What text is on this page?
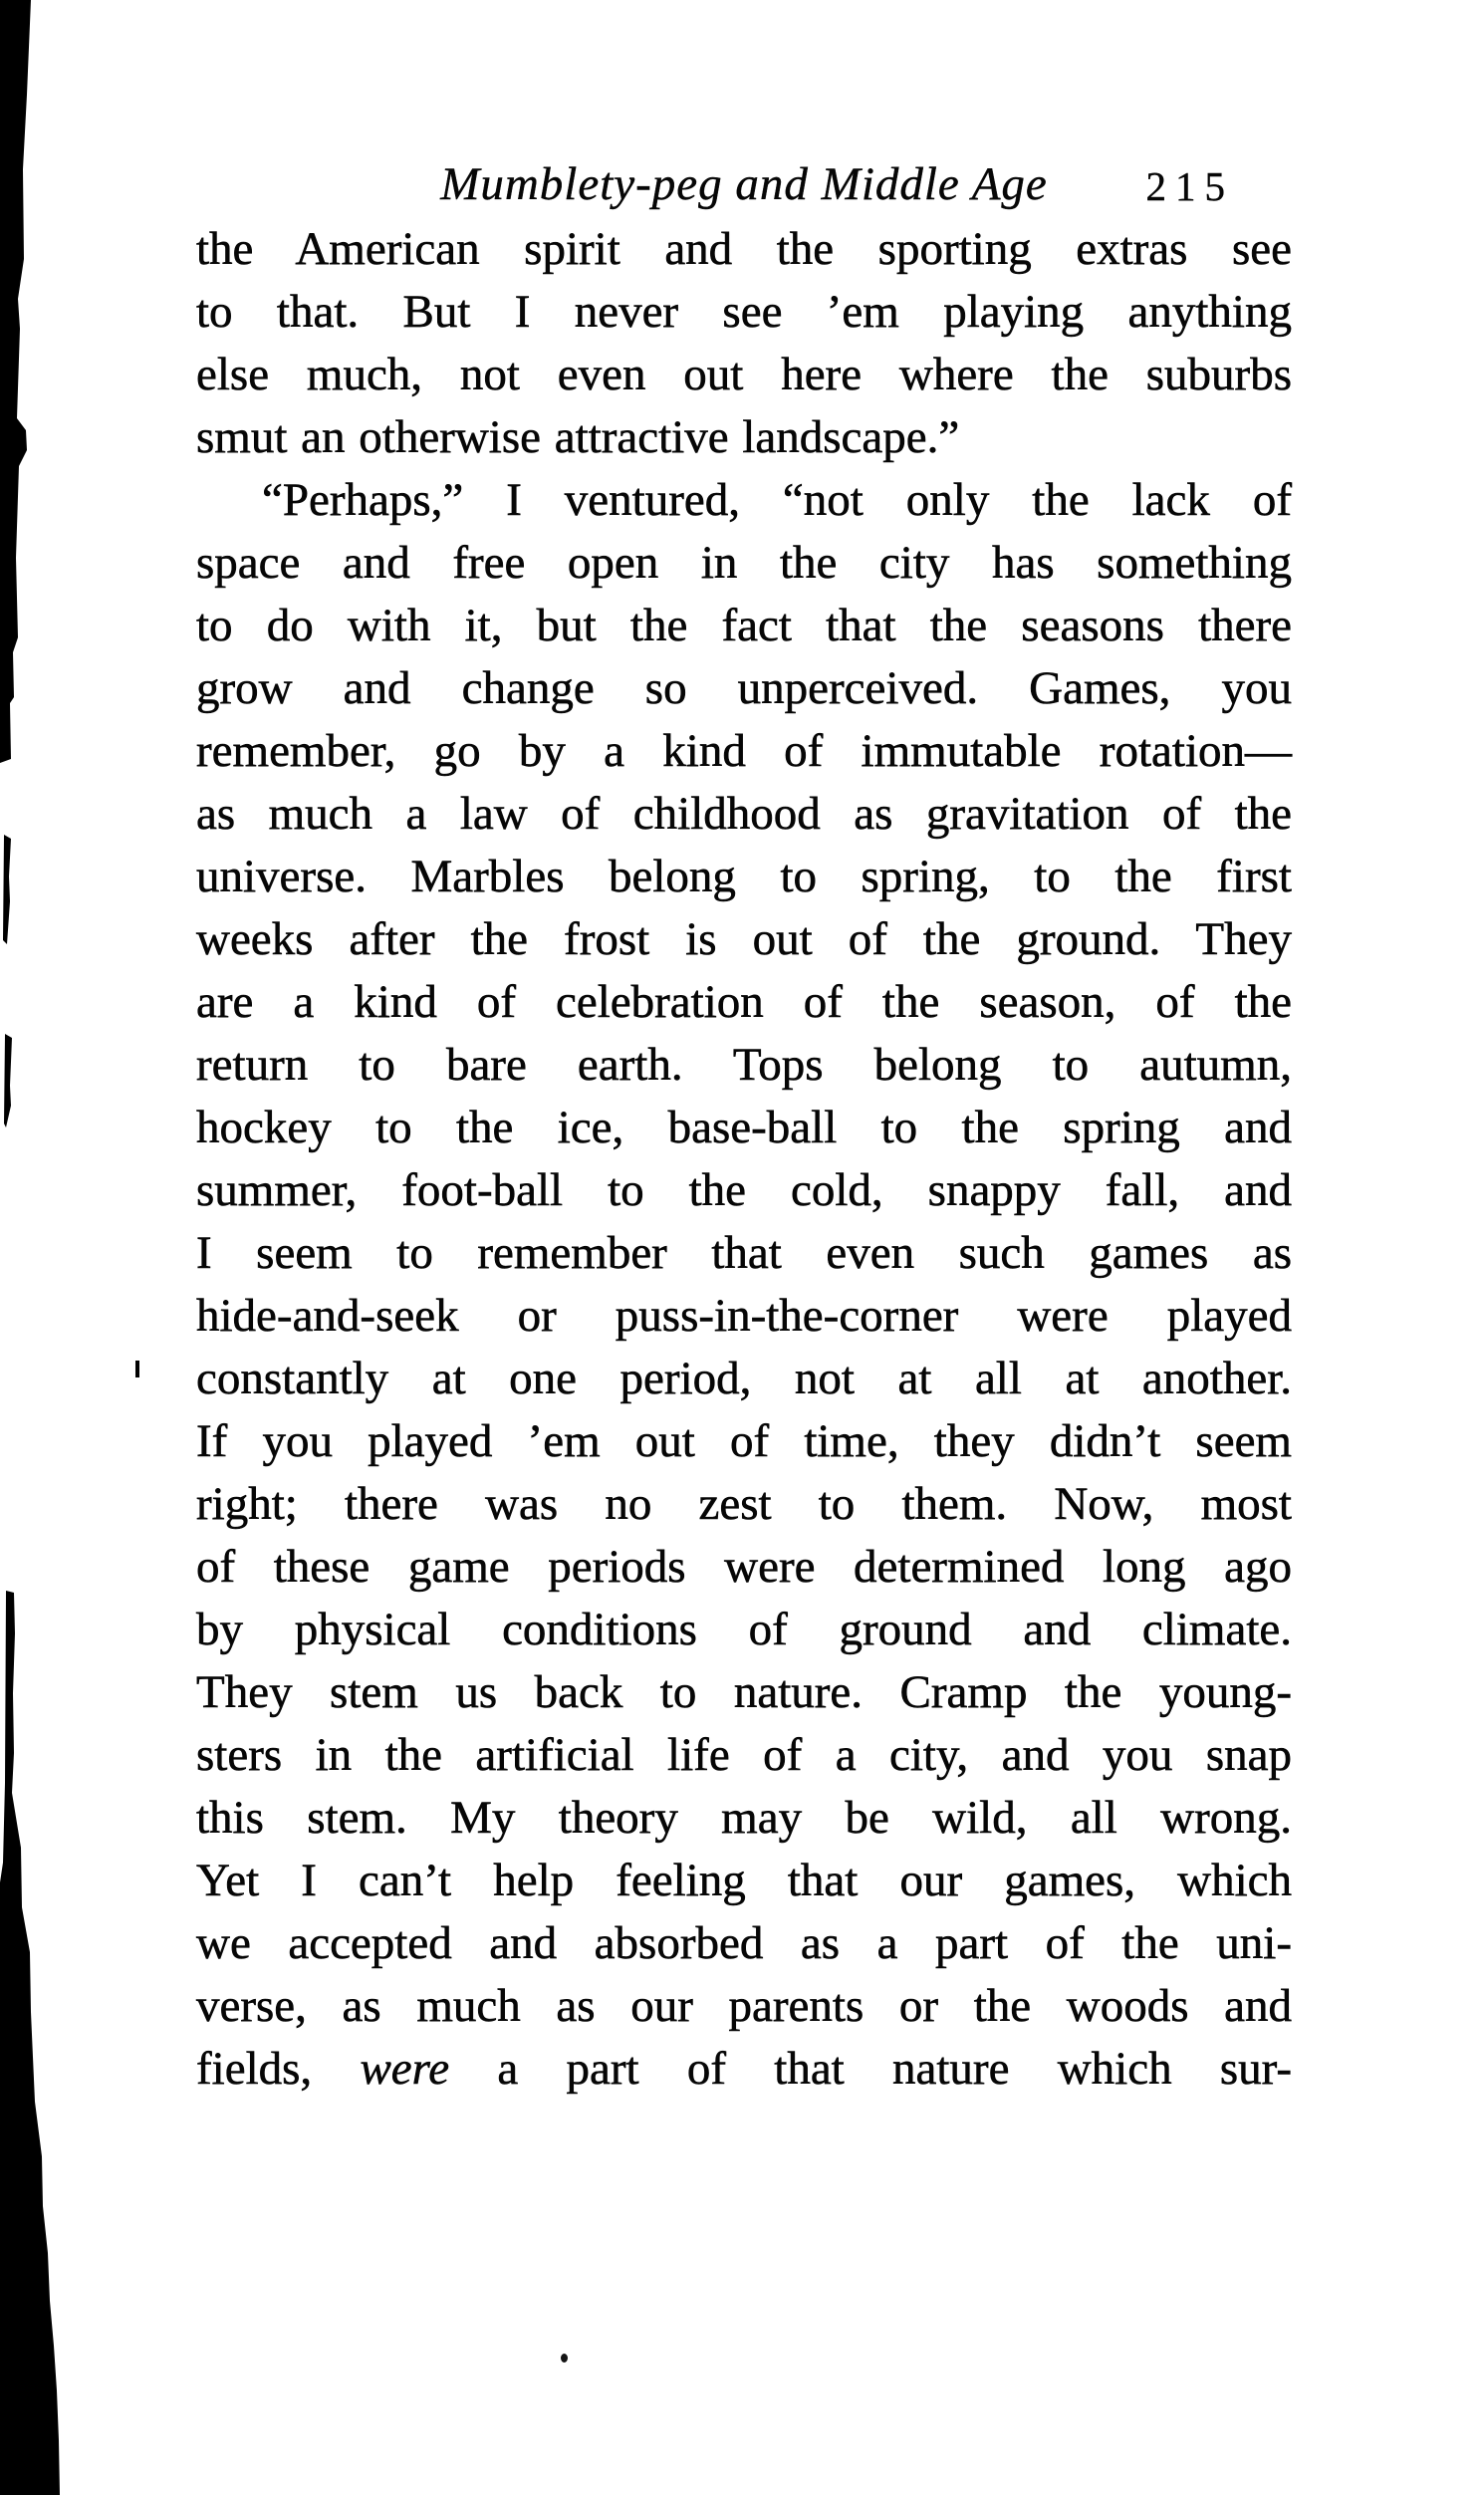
Mumblety-peg and Middle Age	215
the American spirit and the sporting extras see
to that. But I never see ’em playing anything
else much, not even out here where the suburbs
smut an otherwise attractive landscape.”
“Perhaps,” I ventured, “not only the lack of
space and free open in the city has something
to do with it, but the fact that the seasons there
grow and change so unperceived. Games, you
remember, go by a kind of immutable rotation—
as much a law of childhood as gravitation of the
universe. Marbles belong to spring, to the first
weeks after the frost is out of the ground. They
are a kind of celebration of the season, of the
return to bare earth. Tops belong to autumn,
hockey to the ice, base-ball to the spring and
summer, foot-ball to the cold, snappy fall, and
I seem to remember that even such games as
hide-and-seek or puss-in-the-corner were played
constantly at one period, not at all at another.
If you played ’em out of time, they didn’t seem
right; there was no zest to them. Now, most
of these game periods were determined long ago
by physical conditions of ground and climate.
They stem us back to nature. Cramp the young-
sters in the artificial life of a city, and you snap
this stem. My theory may be wild, all wrong.
Yet I can’t help feeling that our games, which
we accepted and absorbed as a part of the uni-
verse, as much as our parents or the woods and
fields, were a part of that nature which sur-
